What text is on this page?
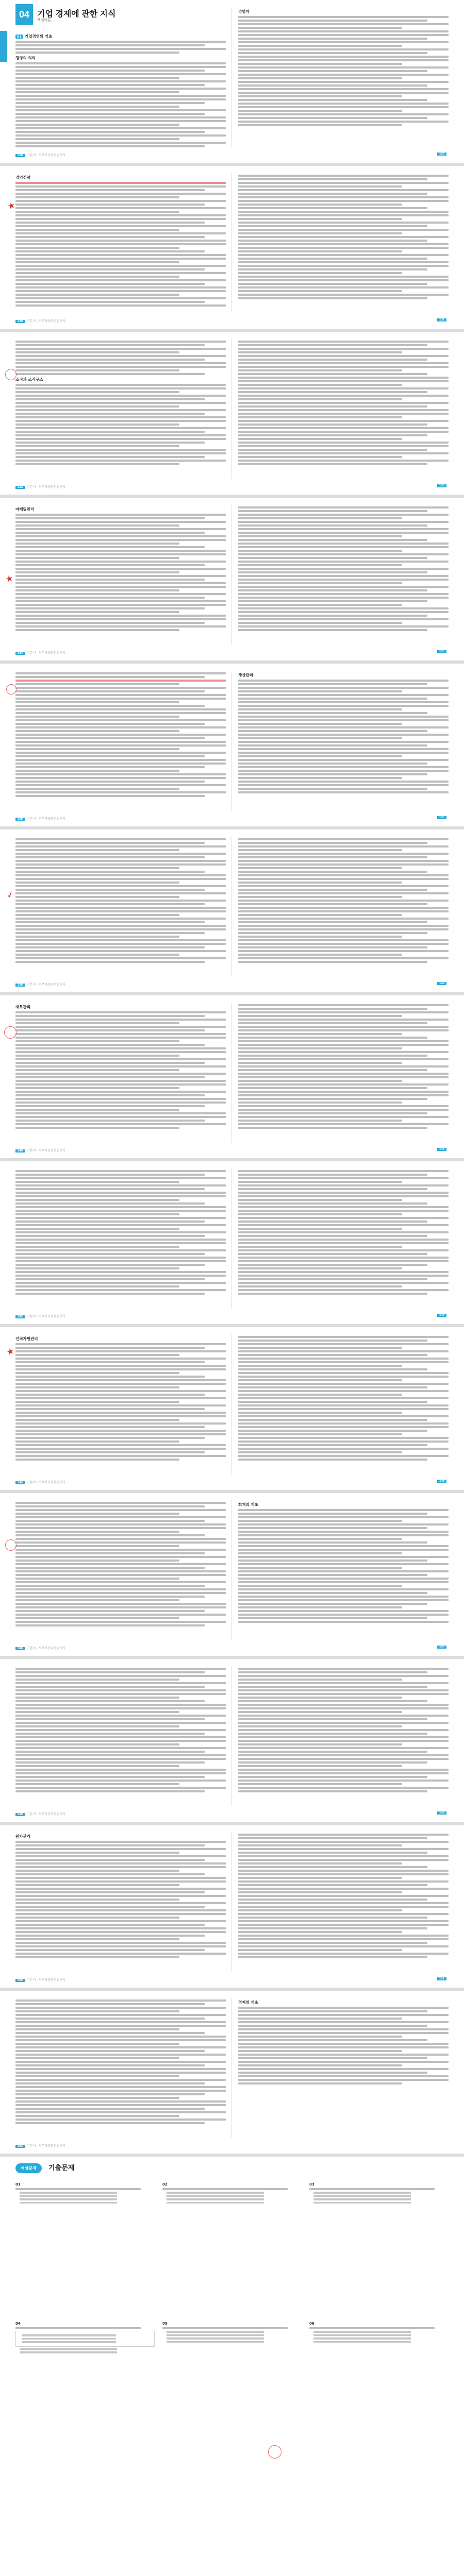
04 기업 경제에 관한 지식
핵심이론
01 기업경영의 기초
경영의 의의
경영자
128 기본서 · 사무자동화산업기사	129
경영전략
★
130 기본서 · 사무자동화산업기사	131
조직과 조직구조
132 기본서 · 사무자동화산업기사	133
마케팅관리
★
134 기본서 · 사무자동화산업기사	135
생산관리
136 기본서 · 사무자동화산업기사	137
✓
138 기본서 · 사무자동화산업기사	139
재무관리
140 기본서 · 사무자동화산업기사	141
142 기본서 · 사무자동화산업기사	143
인적자원관리
★
144 기본서 · 사무자동화산업기사	145
회계의 기초
146 기본서 · 사무자동화산업기사	147
148 기본서 · 사무자동화산업기사	149
원가관리
150 기본서 · 사무자동화산업기사	151
경제의 기초
152 기본서 · 사무자동화산업기사
예상문제 기출문제
01	02	03
04	05	06
